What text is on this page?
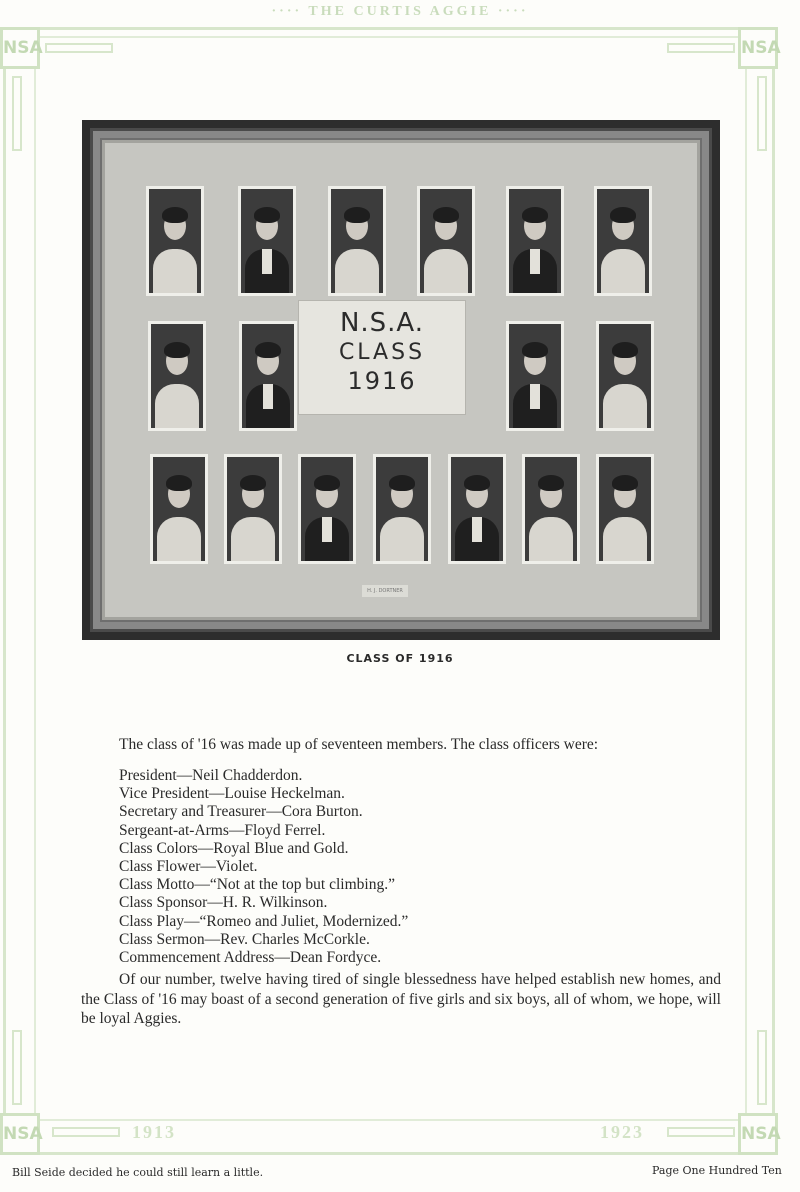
···· THE CURTIS AGGIE ····
NSA	NSA
NSA	NSA
1913	1923
N.S.A.
CLASS
1916
H. J. DORTNER
CLASS OF 1916
The class of '16 was made up of seventeen members. The class officers were:
President—Neil Chadderdon.
Vice President—Louise Heckelman.
Secretary and Treasurer—Cora Burton.
Sergeant-at-Arms—Floyd Ferrel.
Class Colors—Royal Blue and Gold.
Class Flower—Violet.
Class Motto—“Not at the top but climbing.”
Class Sponsor—H. R. Wilkinson.
Class Play—“Romeo and Juliet, Modernized.”
Class Sermon—Rev. Charles McCorkle.
Commencement Address—Dean Fordyce.
Of our number, twelve having tired of single blessedness have helped establish new homes, and the Class of '16 may boast of a second generation of five girls and six boys, all of whom, we hope, will be loyal Aggies.
Bill Seide decided he could still learn a little.	Page One Hundred Ten
